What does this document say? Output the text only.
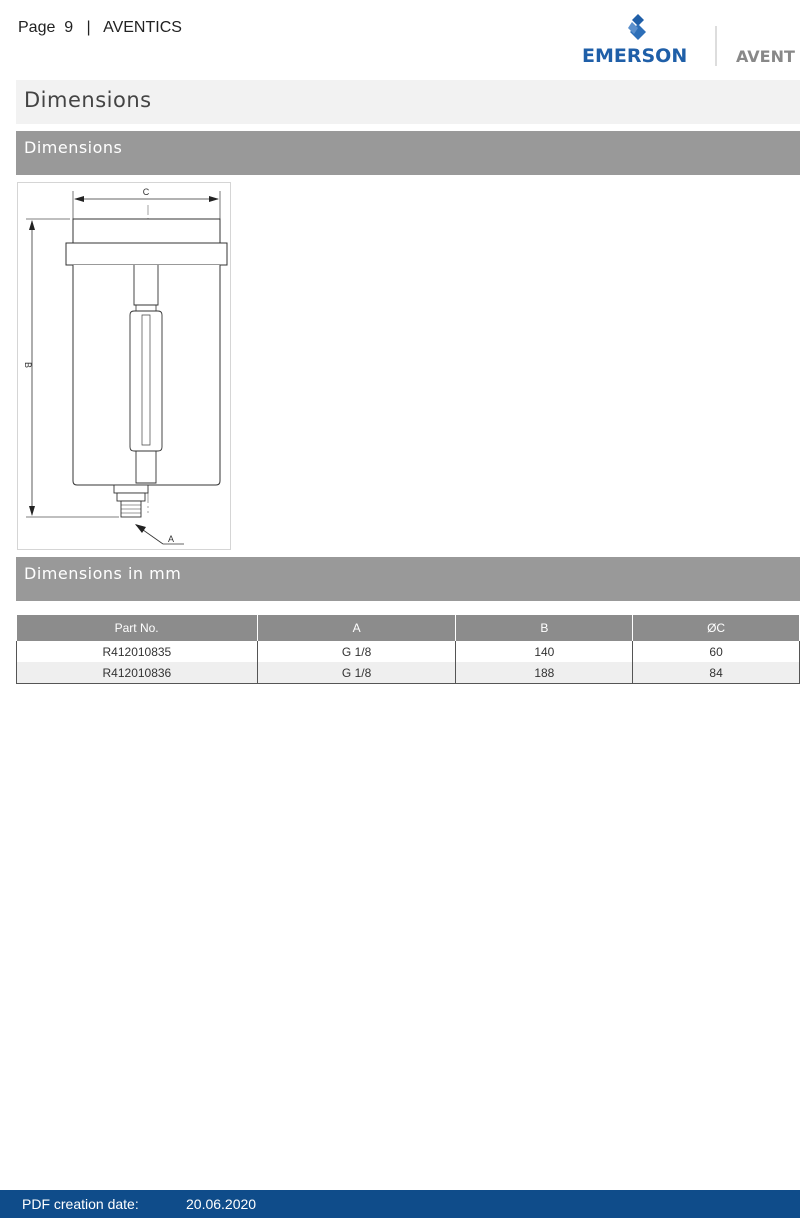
Page  9   |   AVENTICS
EMERSON	AVENT
Dimensions
Dimensions
C
B
A
Dimensions in mm
Part No.	A	B	ØC
R412010835	G 1/8	140	60
R412010836	G 1/8	188	84
PDF creation date:	20.06.2020
